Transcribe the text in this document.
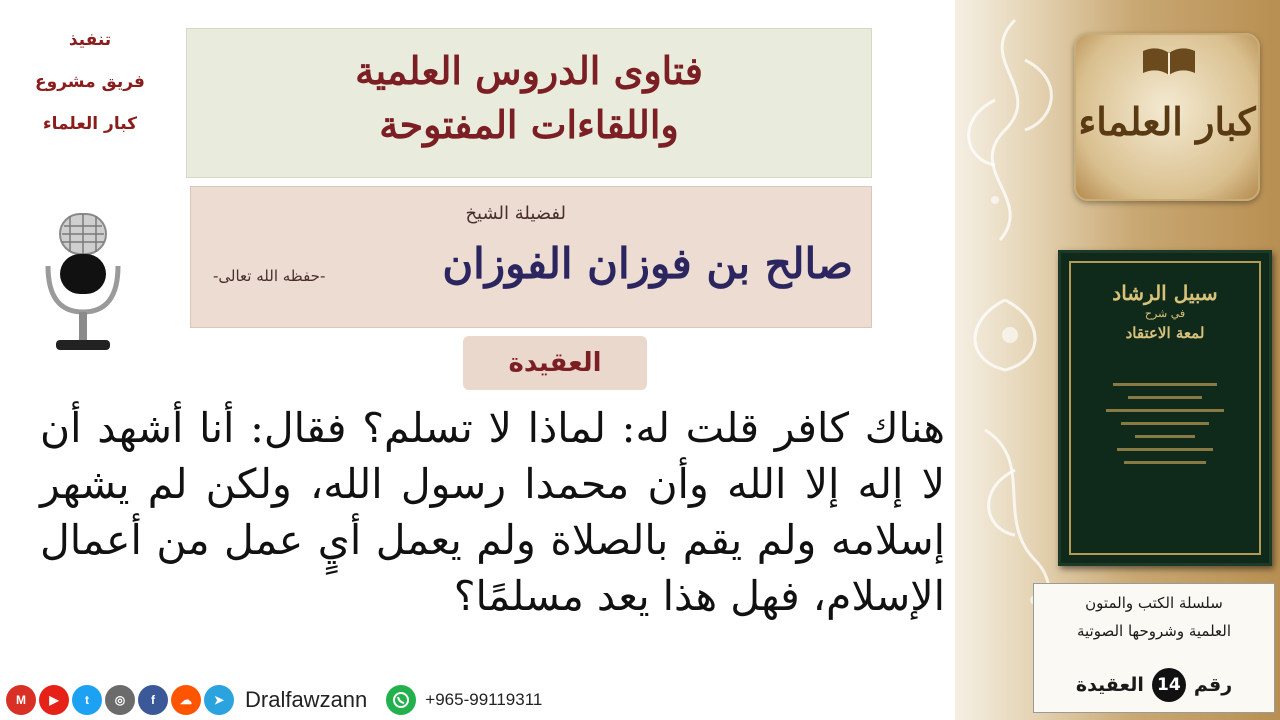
تنفيذ
فريق مشروع
كبار العلماء
فتاوى الدروس العلمية
واللقاءات المفتوحة
لفضيلة الشيخ
صالح بن فوزان الفوزان
-حفظه الله تعالى-
العقيدة
هناك كافر قلت له: لماذا لا تسلم؟ فقال: أنا أشهد أن لا إله إلا الله وأن محمدا رسول الله، ولكن لم يشهر إسلامه ولم يقم بالصلاة ولم يعمل أيٍ عمل من أعمال الإسلام، فهل هذا يعد مسلمًا؟
كبار العلماء
سبيل الرشاد
في شرح
لمعة الاعتقاد
سلسلة الكتب والمتون
العلمية وشروحها الصوتية
رقم
14
العقيدة
M	▶	t	◎	f	☁	➤ Dralfawzann	+965-99119311
